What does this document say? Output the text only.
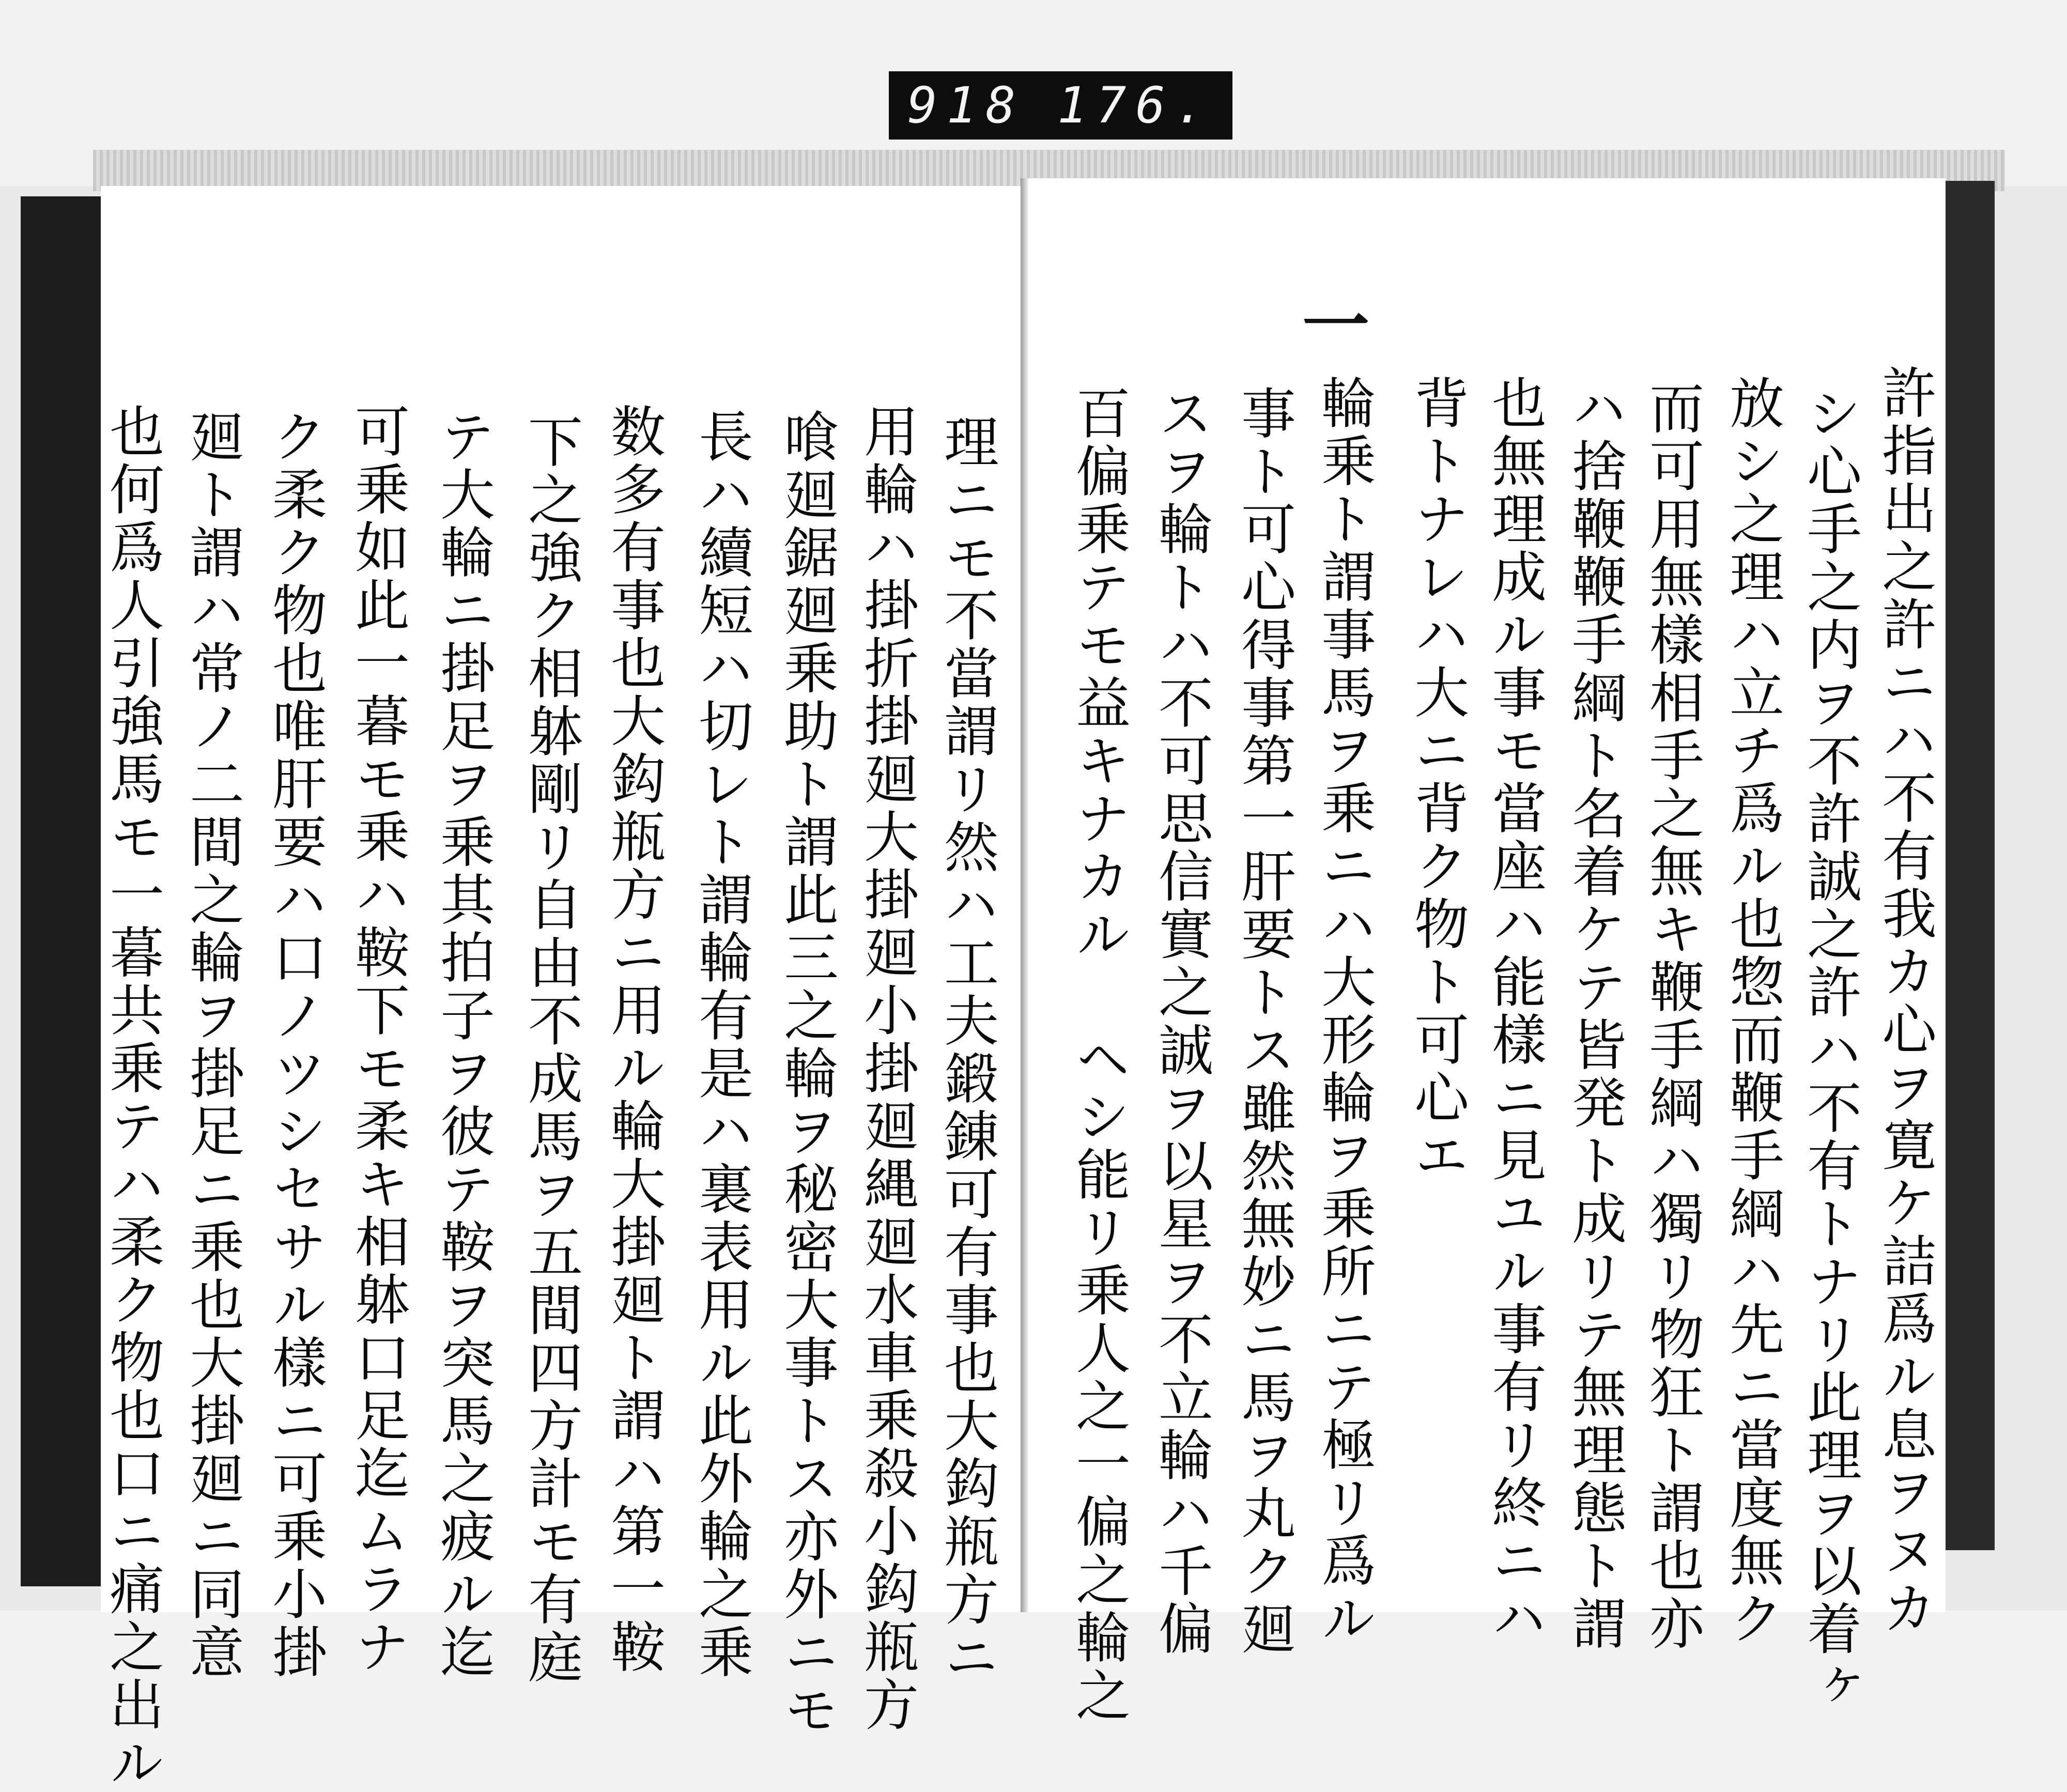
918 176.
理ニモ不當謂リ然ハ工夫鍛錬可有事也大鈎瓶方ニ
用輪ハ掛折掛廻大掛廻小掛廻縄廻水車乗殺小鈎瓶方
喰廻鋸廻乗助ト謂此三之輪ヲ秘密大事トス亦外ニモ
長ハ續短ハ切レト謂輪有是ハ裏表用ル此外輪之乗
数多有事也大鈎瓶方ニ用ル輪大掛廻ト謂ハ第一鞍
下之強ク相躰剛リ自由不成馬ヲ五間四方計モ有庭
テ大輪ニ掛足ヲ乗其拍子ヲ彼テ鞍ヲ突馬之疲ル迄
可乗如此一暮モ乗ハ鞍下モ柔キ相躰口足迄ムラナ
ク柔ク物也唯肝要ハ口ノツシセサル樣ニ可乗小掛
廻ト謂ハ常ノ二間之輪ヲ掛足ニ乗也大掛廻ニ同意
也何爲人引強馬モ一暮共乗テハ柔ク物也口ニ痛之出ル	許指出之許ニハ不有我カ心ヲ寛ケ詰爲ル息ヲヌカ
シ心手之内ヲ不許誠之許ハ不有トナリ此理ヲ以着ヶ
放シ之理ハ立チ爲ル也惣而鞭手綱ハ先ニ當度無ク
而可用無樣相手之無キ鞭手綱ハ獨リ物狂ト謂也亦
ハ捨鞭鞭手綱ト名着ケテ皆発ト成リテ無理態ト謂
也無理成ル事モ當座ハ能樣ニ見ユル事有リ終ニハ
背トナレハ大ニ背ク物ト可心エ
輪乗ト謂事馬ヲ乗ニハ大形輪ヲ乗所ニテ極リ爲ル
事ト可心得事第一肝要トス雖然無妙ニ馬ヲ丸ク廻
スヲ輪トハ不可思信實之誠ヲ以星ヲ不立輪ハ千偏
百偏乗テモ益キナカル ヘシ能リ乗人之一偏之輪之
一
